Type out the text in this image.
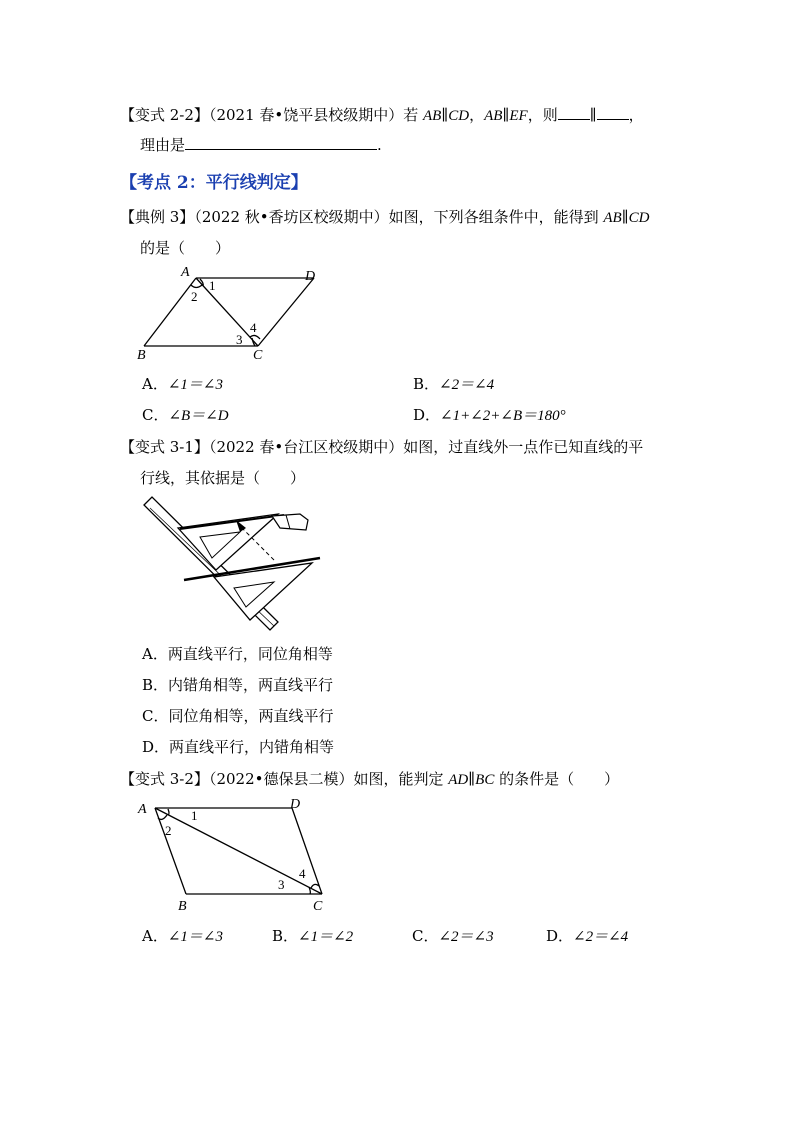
【变式 2-2】（2021 春•饶平县校级期中）若 AB∥CD，AB∥EF，则 ∥ ，
理由是	.
【考点 2：平行线判定】
【典例 3】（2022 秋•香坊区校级期中）如图，下列各组条件中，能得到 AB∥CD
的是（　　）
A	D
B	C
1
2
3
4
A．∠1＝∠3	B．∠2＝∠4
C．∠B＝∠D	D．∠1+∠2+∠B＝180°
【变式 3-1】（2022 春•台江区校级期中）如图，过直线外一点作已知直线的平
行线，其依据是（　　）
A．两直线平行，同位角相等
B．内错角相等，两直线平行
C．同位角相等，两直线平行
D．两直线平行，内错角相等
【变式 3-2】（2022•德保县二模）如图，能判定 AD∥BC 的条件是（　　）
A	D
B	C
1
2
3
4
A．∠1＝∠3	B．∠1＝∠2	C．∠2＝∠3	D．∠2＝∠4
